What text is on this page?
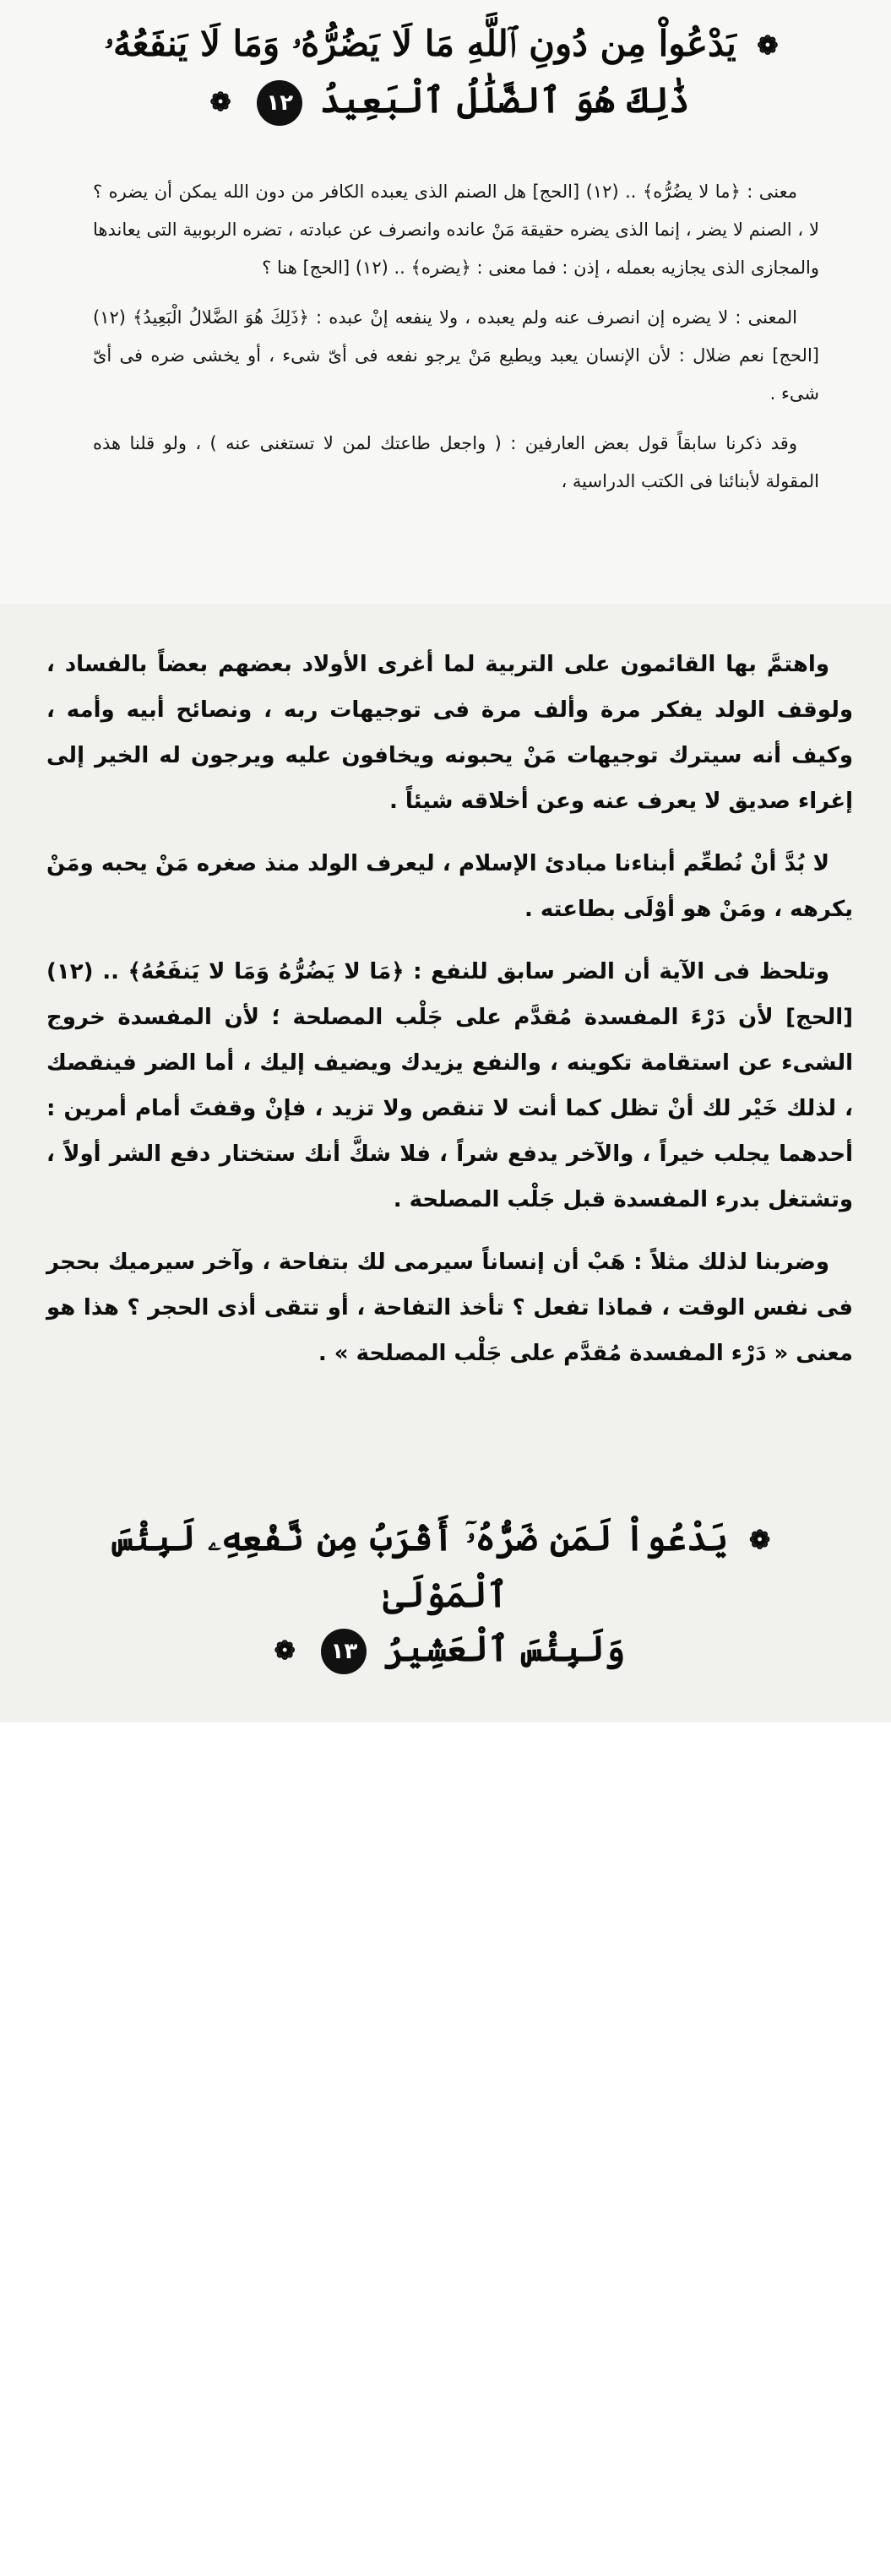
❁ يَدْعُواْ مِن دُونِ ٱللَّهِ مَا لَا يَضُرُّهُۥ وَمَا لَا يَنفَعُهُۥ
ذَٰلِكَ هُوَ ٱلضَّلَٰلُ ٱلْبَعِيدُ ١٢ ❁

معنى : ﴿ما لا يضُرُّه﴾ .. (١٢) [الحج] هل الصنم الذى يعبده الكافر من دون الله يمكن أن يضره ؟ لا ، الصنم لا يضر ، إنما الذى يضره حقيقة مَنْ عانده وانصرف عن عبادته ، تضره الربوبية التى يعاندها والمجازى الذى يجازيه بعمله ، إذن : فما معنى : ﴿يضره﴾ .. (١٢) [الحج] هنا ؟

المعنى : لا يضره إن انصرف عنه ولم يعبده ، ولا ينفعه إنْ عبده : ﴿ذَلِكَ هُوَ الضَّلالُ الْبَعِيدُ﴾ (١٢) [الحج] نعم ضلال : لأن الإنسان يعبد ويطيع مَنْ يرجو نفعه فى أىّ شىء ، أو يخشى ضره فى أىّ شىء .

وقد ذكرنا سابقاً قول بعض العارفين : ( واجعل طاعتك لمن لا تستغنى عنه ) ، ولو قلنا هذه المقولة لأبنائنا فى الكتب الدراسية ،

واهتمَّ بها القائمون على التربية لما أغرى الأولاد بعضهم بعضاً بالفساد ، ولوقف الولد يفكر مرة وألف مرة فى توجيهات ربه ، ونصائح أبيه وأمه ، وكيف أنه سيترك توجيهات مَنْ يحبونه ويخافون عليه ويرجون له الخير إلى إغراء صديق لا يعرف عنه وعن أخلاقه شيئاً .

لا بُدَّ أنْ نُطعِّم أبناءنا مبادئ الإسلام ، ليعرف الولد منذ صغره مَنْ يحبه ومَنْ يكرهه ، ومَنْ هو أوْلَى بطاعته .

وتلحظ فى الآية أن الضر سابق للنفع : ﴿مَا لا يَضُرُّهُ وَمَا لا يَنفَعُهُ﴾ .. (١٢) [الحج] لأن دَرْءَ المفسدة مُقدَّم على جَلْب المصلحة ؛ لأن المفسدة خروج الشىء عن استقامة تكوينه ، والنفع يزيدك ويضيف إليك ، أما الضر فينقصك ، لذلك خَيْر لك أنْ تظل كما أنت لا تنقص ولا تزيد ، فإنْ وقفتَ أمام أمرين : أحدهما يجلب خيراً ، والآخر يدفع شراً ، فلا شكَّ أنك ستختار دفع الشر أولاً ، وتشتغل بدرء المفسدة قبل جَلْب المصلحة .

وضربنا لذلك مثلاً : هَبْ أن إنساناً سيرمى لك بتفاحة ، وآخر سيرميك بحجر فى نفس الوقت ، فماذا تفعل ؟ تأخذ التفاحة ، أو تتقى أذى الحجر ؟ هذا هو معنى « دَرْء المفسدة مُقدَّم على جَلْب المصلحة » .

❁ يَدْعُواْ لَمَن ضَرُّهُۥٓ أَقْرَبُ مِن نَّفْعِهِۦ لَبِئْسَ ٱلْمَوْلَىٰ
وَلَبِئْسَ ٱلْعَشِيرُ ١٣ ❁
